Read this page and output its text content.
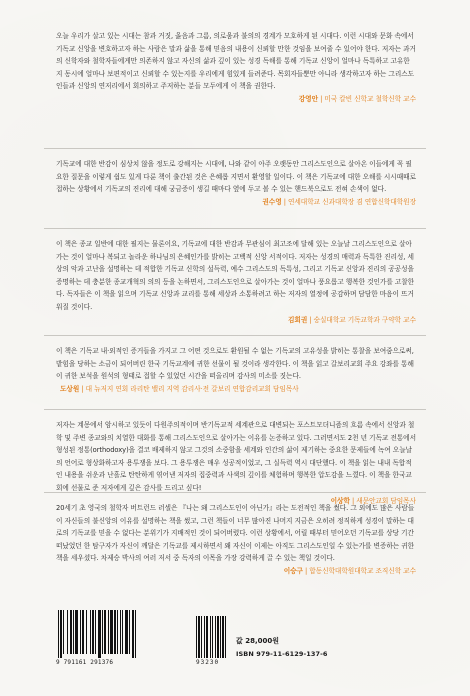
오늘 우리가 살고 있는 시대는 참과 거짓, 옳음과 그름, 의로움과 불의의 경계가 모호하게 된 시대다. 이런 시대와 문화 속에서 기독교 신앙을 변호하고자 하는 사람은 말과 삶을 통해 믿음의 내용이 신뢰할 만한 것임을 보여줄 수 있어야 한다. 저자는 과거의 신학자와 철학자들에게만 의존하지 않고 자신의 삶과 깊이 있는 성경 독해를 통해 기독교 신앙이 얼마나 독특하고 고유한지 동시에 얼마나 보편적이고 신뢰할 수 있는지를 우리에게 힘있게 들려준다. 목회자들뿐만 아니라 생각하고자 하는 그리스도인들과 신앙의 연저리에서 회의하고 주저하는 분들 모두에게 이 책을 권한다.
강영안 | 미국 칼빈 신학교 철학신학 교수
기독교에 대한 반감이 심상치 않을 정도로 강해지는 시대에, 나와 같이 아주 오랫동안 그리스도인으로 살아온 이들에게 꼭 필요한 질문을 이렇게 쉽도 있게 다룬 책이 출간된 것은 은혜롭 지면서 환영할 일이다. 이 책은 기독교에 대한 오해를 시시때때로 접하는 상황에서 기독교의 진리에 대해 궁금증이 생길 때마다 옆에 두고 볼 수 있는 핸드북으로도 전혀 손색이 없다.
권수영 | 연세대학교 신과대학장 겸 연합신학대학원장
이 책은 종교 일반에 대한 필지는 물론이요, 기독교에 대한 반감과 무관심이 최고조에 달해 있는 오늘날 그리스도인으로 살아가는 것이 얼마나 복되고 놀라운 하나님의 은혜인가를 밝히는 고백적 신앙 서적이다. 저자는 성경의 매력과 독특한 진리성, 세상의 악과 고난을 설명하는 데 적합한 기독교 신학의 설득력, 예수 그리스도의 독특성, 그리고 기독교 신앙과 진리의 공공성을 증명하는 데 충분한 종교개혁의 의의 등을 논하면서, 그리스도인으로 살아가는 것이 얼마나 풍요롭고 행복한 것인가를 고찰한다. 독자들은 이 책을 읽으며 기독교 신앙과 교리를 통해 세상과 소통하려고 하는 저자의 열정에 공감하며 담담한 마음이 뜨거워질 것이다.
김회권 | 숭실대학교 기독교학과 구약학 교수
이 책은 기독교 내·외적인 증거들을 가지고 그 어떤 것으로도 환원될 수 없는 기독교의 고유성을 밝히는 통찰을 보여줌으로써, 밭힘을 당하는 소금이 되어버린 한국 기독교계에 귀한 선물이 될 것이라 생각한다. 이 책을 읽고 갈보리교회 주요 강좌를 통해 이 귀한 보석을 원석의 형태로 접할 수 있었던 시간을 떠올리며 감사의 미소를 짓는다. 도상원 | 대 뉴저지 연회 라리탄 밸리 지역 감리사·전 갈보리 연합감리교회 담임목사
저자는 계몽에서 암시하고 있듯이 다원주의적이며 반기독교적 세계관으로 대변되는 포스트모더니즘의 흐름 속에서 신앙과 철학 및 주변 종교와의 치열한 대화를 통해 그리스도인으로 살아가는 이유를 논증하고 있다. 그러면서도 2천 년 기독교 전통에서 형성된 정통(orthodoxy)을 결코 배제하지 않고 그것의 소중함을 세계와 인간의 삶이 제기하는 중요한 문제들에 녹여 오늘날의 언어로 형상화하고자 용투쟁을 보다. 그 용투쟁은 매우 성공적이었고, 그 실득력 역시 대단했다. 이 책을 읽는 내내 독합적인 내용을 쉬운과 난흘로 탄탄하게 엮어낸 저자의 집중력과 사색의 깊이를 체험하며 행복한 압도감을 느꼈다. 이 책을 한국교회에 선물로 준 저자에게 깊은 감사를 드리고 싶다!
이상학 | 새문안교회 담임목사
20세기 초 영국의 철학자 버트런드 러셀은 『나는 왜 그리스도인이 아닌가』라는 도전적인 책을 썼다. 그 외에도 많은 사람들이 자신들의 불신앙의 이유를 설명하는 책을 썼고, 그런 책들이 너무 많아진 나머지 지금은 오히려 정직하게 성경이 말하는 대로의 기독교를 믿을 수 없다는 분위기가 지배적인 것이 되어버렸다. 이런 상황에서, 어릴 때부터 믿어오던 기독교를 상당 기간 떠났었던 한 탐구자가 자신이 깨달은 기독교를 제시하면서 왜 자신이 이제는 아직도 그리스도인일 수 있는가를 변증하는 귀한 책을 세우셨다. 차제승 박사의 여러 저서 중 독자의 이목을 가장 강력하게 끌 수 있는 책일 것이다.
이승구 | 합동신학대학원대학교 조직신학 교수
9 791161 291376	93230
값 28,000원
ISBN 979-11-6129-137-6
